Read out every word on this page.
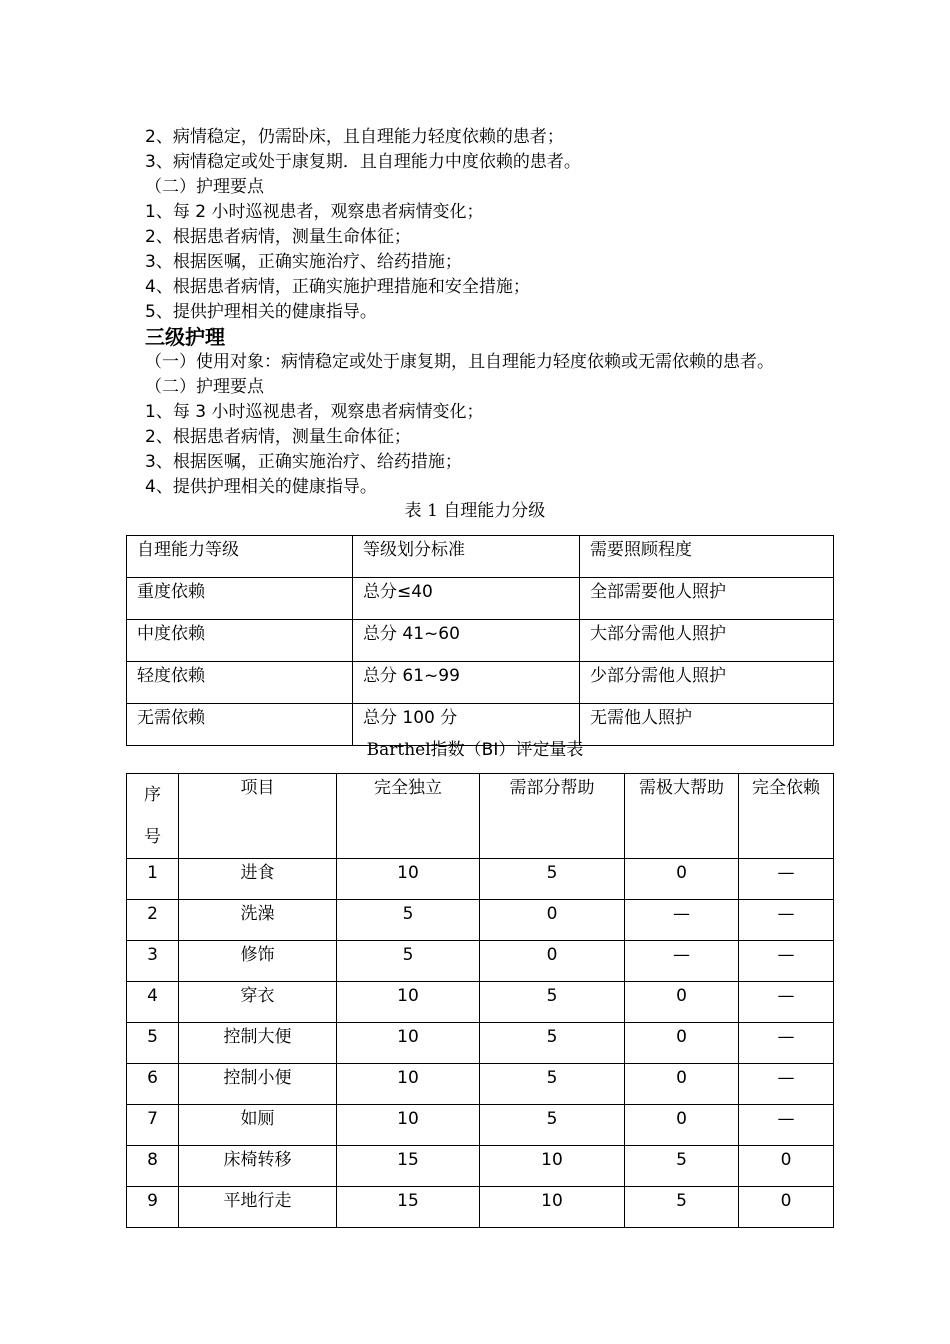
2、病情稳定，仍需卧床，且自理能力轻度依赖的患者；
3、病情稳定或处于康复期．且自理能力中度依赖的患者。
（二）护理要点
1、每 2 小时巡视患者，观察患者病情变化；
2、根据患者病情，测量生命体征；
3、根据医嘱，正确实施治疗、给药措施；
4、根据患者病情，正确实施护理措施和安全措施；
5、提供护理相关的健康指导。
三级护理
（一）使用对象：病情稳定或处于康复期，且自理能力轻度依赖或无需依赖的患者。
（二）护理要点
1、每 3 小时巡视患者，观察患者病情变化；
2、根据患者病情，测量生命体征；
3、根据医嘱，正确实施治疗、给药措施；
4、提供护理相关的健康指导。
表 1 自理能力分级
自理能力等级	等级划分标准	需要照顾程度
重度依赖	总分≤40	全部需要他人照护
中度依赖	总分 41~60	大部分需他人照护
轻度依赖	总分 61~99	少部分需他人照护
无需依赖	总分 100 分	无需他人照护
Barthel指数（BI）评定量表
序
号	项目	完全独立	需部分帮助	需极大帮助	完全依赖
1	进食	10	5	0	—
2	洗澡	5	0	—	—
3	修饰	5	0	—	—
4	穿衣	10	5	0	—
5	控制大便	10	5	0	—
6	控制小便	10	5	0	—
7	如厕	10	5	0	—
8	床椅转移	15	10	5	0
9	平地行走	15	10	5	0
